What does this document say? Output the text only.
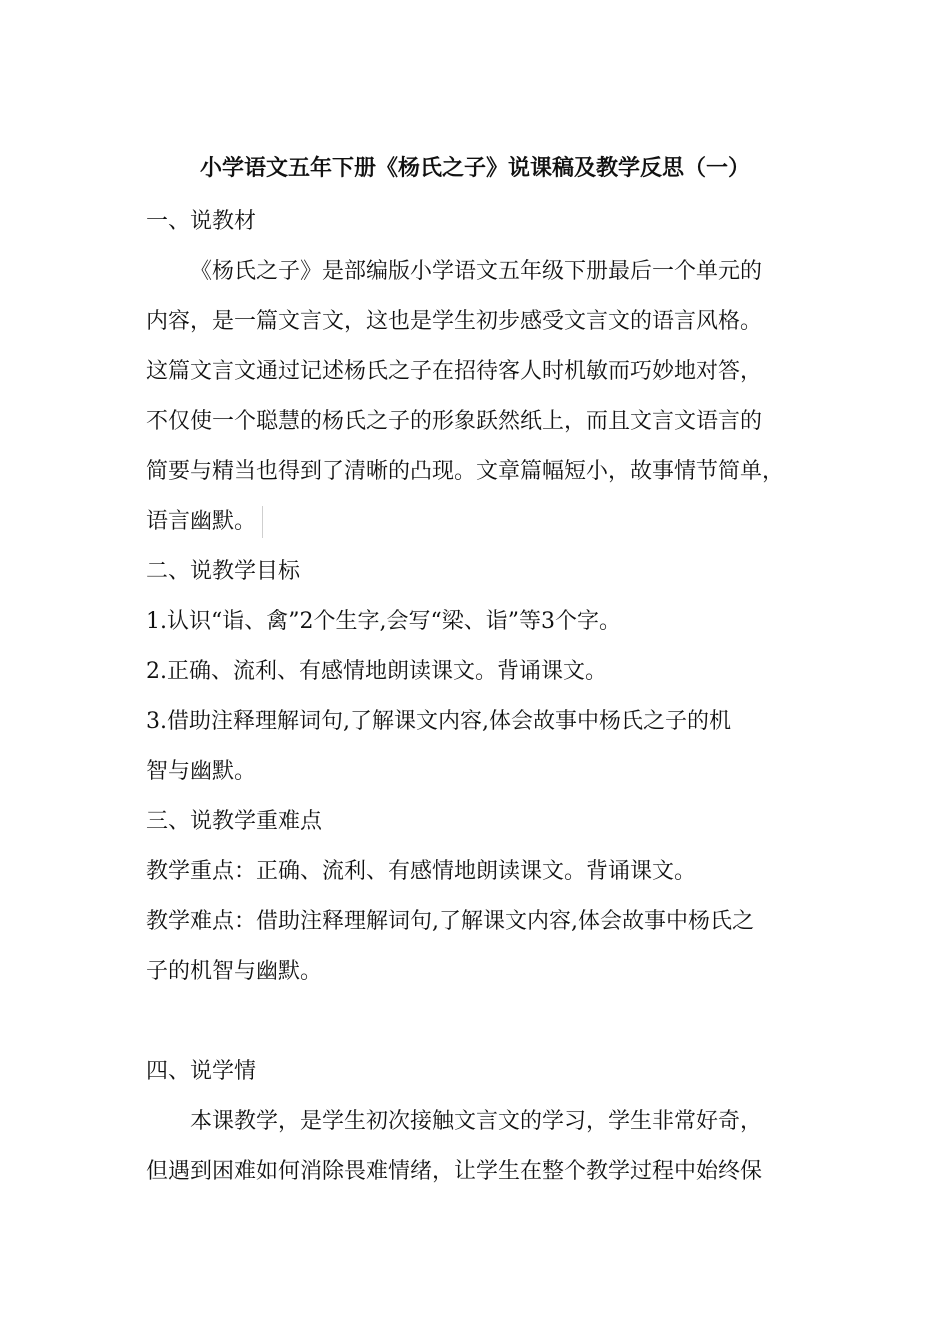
小学语文五年下册《杨氏之子》说课稿及教学反思（一）
一、说教材
《杨氏之子》是部编版小学语文五年级下册最后一个单元的
内容，是一篇文言文，这也是学生初步感受文言文的语言风格。
这篇文言文通过记述杨氏之子在招待客人时机敏而巧妙地对答，
不仅使一个聪慧的杨氏之子的形象跃然纸上，而且文言文语言的
简要与精当也得到了清晰的凸现。文章篇幅短小，故事情节简单，
语言幽默。
二、说教学目标
1.认识“诣、禽”2个生字,会写“梁、诣”等3个字。
2.正确、流利、有感情地朗读课文。背诵课文。
3.借助注释理解词句,了解课文内容,体会故事中杨氏之子的机
智与幽默。
三、说教学重难点
教学重点：正确、流利、有感情地朗读课文。背诵课文。
教学难点：借助注释理解词句,了解课文内容,体会故事中杨氏之
子的机智与幽默。
四、说学情
本课教学，是学生初次接触文言文的学习，学生非常好奇，
但遇到困难如何消除畏难情绪，让学生在整个教学过程中始终保
